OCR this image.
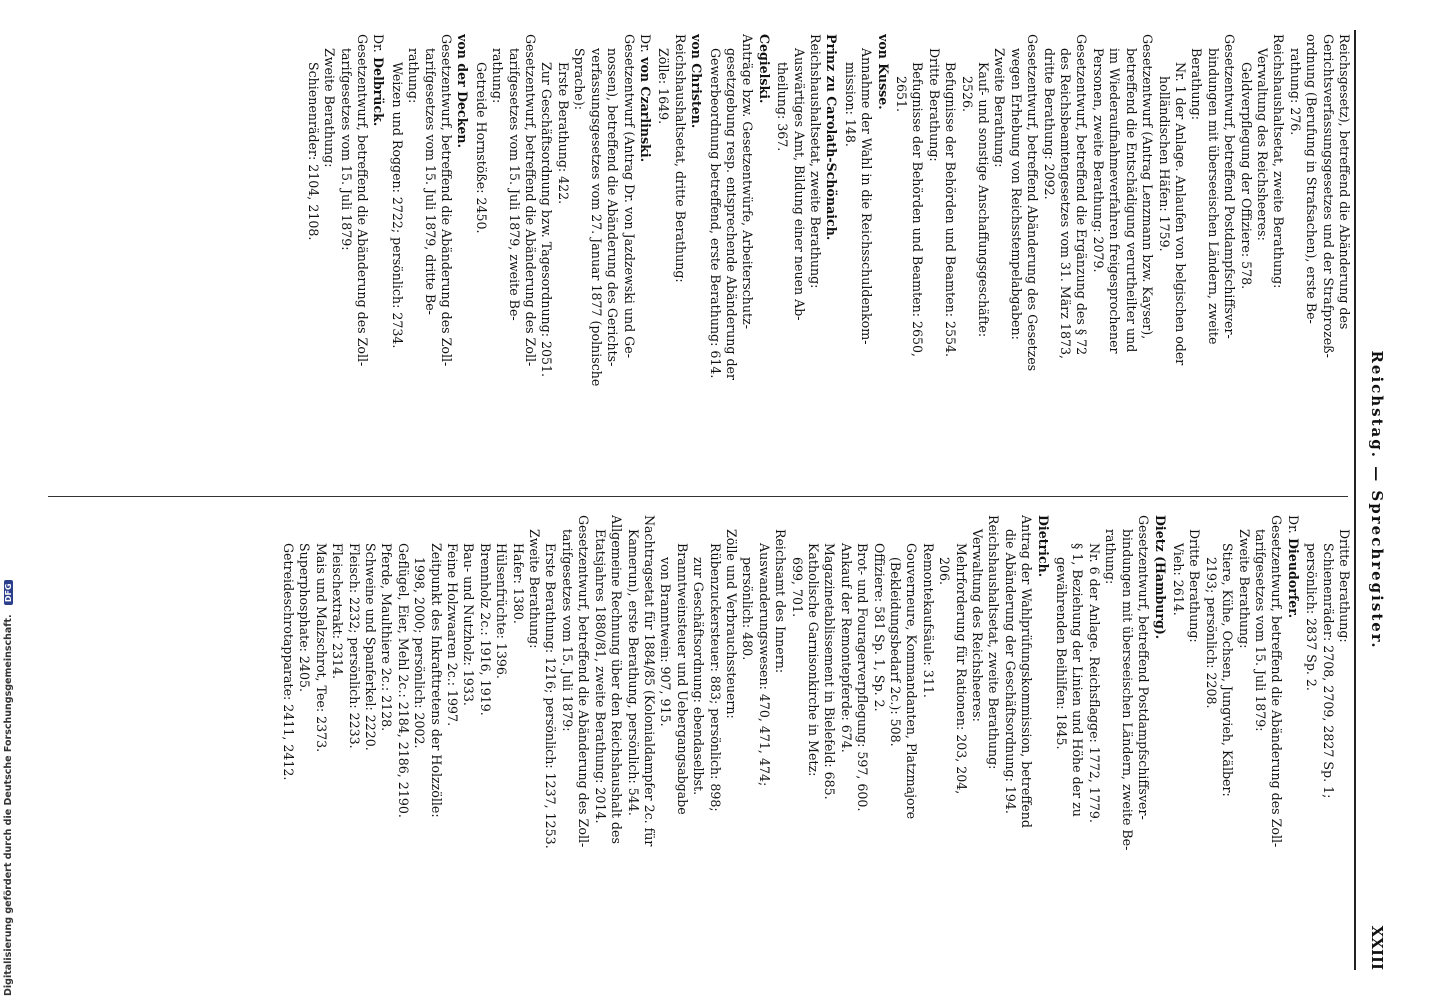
Reichstag. — Sprechregister.
XXIII
Reichsgesetz), betreffend die Abänderung des
Gerichtsverfassungsgesetzes und der Strafprozeß-
ordnung (Berufung in Strafsachen), erste Be-
rathung: 276.
Reichshaushaltsetat, zweite Berathung:
Verwaltung des Reichsheeres:
Geldverpflegung der Offiziere: 578.
Gesetzentwurf, betreffend Postdampfschiffsver-
bindungen mit überseeischen Ländern, zweite
Berathung:
Nr. 1 der Anlage. Anlaufen von belgischen oder
holländischen Häfen: 1759.
Gesetzentwurf (Antrag Lenzmann bzw. Kayser),
betreffend die Entschädigung verurtheilter und
im Wiederaufnahmeverfahren freigesprochener
Personen, zweite Berathung: 2079.
Gesetzentwurf, betreffend die Ergänzung des § 72
des Reichsbeamtengesetzes vom 31. März 1873,
dritte Berathung: 2092.
Gesetzentwurf, betreffend Abänderung des Gesetzes
wegen Erhebung von Reichsstempelabgaben:
Zweite Berathung:
Kauf- und sonstige Anschaffungsgeschäfte:
2526.
Befugnisse der Behörden und Beamten: 2554.
Dritte Berathung:
Befugnisse der Behörden und Beamten: 2650,
2651.
von Kusse.
Annahme der Wahl in die Reichsschuldenkom-
mission: 148.
Prinz zu Carolath-Schönaich.
Reichshaushaltsetat, zweite Berathung:
Auswärtiges Amt, Bildung einer neuen Ab-
theilung: 367.
Cegielski.
Anträge bzw. Gesetzentwürfe, Arbeiterschutz-
gesetzgebung resp. entsprechende Abänderung der
Gewerbeordnung betreffend, erste Berathung: 614.
von Christen.
Reichshaushaltsetat, dritte Berathung:
Zölle: 1649.
Dr. von Czarlinski.
Gesetzentwurf (Antrag Dr. von Jazdzewski und Ge-
nossen), betreffend die Abänderung des Gerichts-
verfassungsgesetzes vom 27. Januar 1877 (polnische
Sprache):
Erste Berathung: 422.
Zur Geschäftsordnung bzw. Tagesordnung: 2051.
Gesetzentwurf, betreffend die Abänderung des Zoll-
tarifgesetzes vom 15. Juli 1879, zweite Be-
rathung:
Getreide Hornstöße: 2450.
von der Decken.
Gesetzentwurf, betreffend die Abänderung des Zoll-
tarifgesetzes vom 15. Juli 1879, dritte Be-
rathung:
Weizen und Roggen: 2722; persönlich: 2734.
Dr. Delbrück.
Gesetzentwurf, betreffend die Abänderung des Zoll-
tarifgesetzes vom 15. Juli 1879:
Zweite Berathung:
Schienenräder: 2104, 2108.
Dritte Berathung:
Schienenräder: 2708, 2709, 2827 Sp. 1;
persönlich: 2837 Sp. 2.
Dr. Dieudorfer.
Gesetzentwurf, betreffend die Abänderung des Zoll-
tarifgesetzes vom 15. Juli 1879:
Zweite Berathung:
Stiere, Kühe, Ochsen, Jungvieh, Kälber:
2193; persönlich: 2208.
Dritte Berathung:
Vieh: 2614.
Dietz (Hamburg).
Gesetzentwurf, betreffend Postdampfschiffsver-
bindungen mit überseeischen Ländern, zweite Be-
rathung:
Nr. 6 der Anlage. Reichsflagge: 1772, 1779.
§ 1, Beziehung der Linien und Höhe der zu
gewährenden Beihilfen: 1845.
Dietrich.
Antrag der Wahlprüfungskommission, betreffend
die Abänderung der Geschäftsordnung: 194.
Reichshaushaltsetat, zweite Berathung:
Verwaltung des Reichsheeres:
Mehrforderung für Rationen: 203, 204,
206.
Remontekaufsäule: 311.
Gouverneure, Kommandanten, Platzmajore
(Bekleidungsbedarf 2c.): 508.
Offiziere: 581 Sp. 1, Sp. 2.
Brot- und Fouragerverpflegung: 597, 600.
Ankauf der Remontepferde: 674.
Magazinetablissement in Bielefeld: 685.
Katholische Garnisonkirche in Metz:
699, 701.
Reichsamt des Innern:
Auswanderungswesen: 470, 471, 474;
persönlich: 480.
Zölle und Verbrauchssteuern:
Rübenzuckersteuer: 883; persönlich: 898;
zur Geschäftsordnung: ebendaselbst.
Branntweinsteuer und Uebergangsabgabe
von Branntwein: 907, 915.
Nachtragsetat für 1884/85 (Kolonialdampfer 2c. für
Kamerun), erste Berathung, persönlich: 544.
Allgemeine Rechnung über den Reichshaushalt des
Etatsjahres 1880/81, zweite Berathung: 2014.
Gesetzentwurf, betreffend die Abänderung des Zoll-
tarifgesetzes vom 15. Juli 1879:
Erste Berathung: 1216; persönlich: 1237, 1253.
Zweite Berathung:
Hafer: 1380.
Hülsenfrüchte: 1396.
Brennholz 2c.: 1916, 1919.
Bau- und Nutzholz: 1933.
Feine Holzwaaren 2c.: 1997.
Zeitpunkt des Inkrafttretens der Holzzölle:
1998, 2000; persönlich: 2002.
Geflügel, Eier, Mehl 2c.: 2184, 2186, 2190.
Pferde, Maulthiere 2c.: 2128.
Schweine und Spanferkel: 2220.
Fleisch: 2232; persönlich: 2233.
Fleischextrakt: 2314.
Mais und Malzschrot, Tee: 2373.
Superphosphate: 2405.
Getreideschrotapparate: 2411, 2412.
Digitalisierung gefördert durch die Deutsche Forschungsgemeinschaft. DFG
